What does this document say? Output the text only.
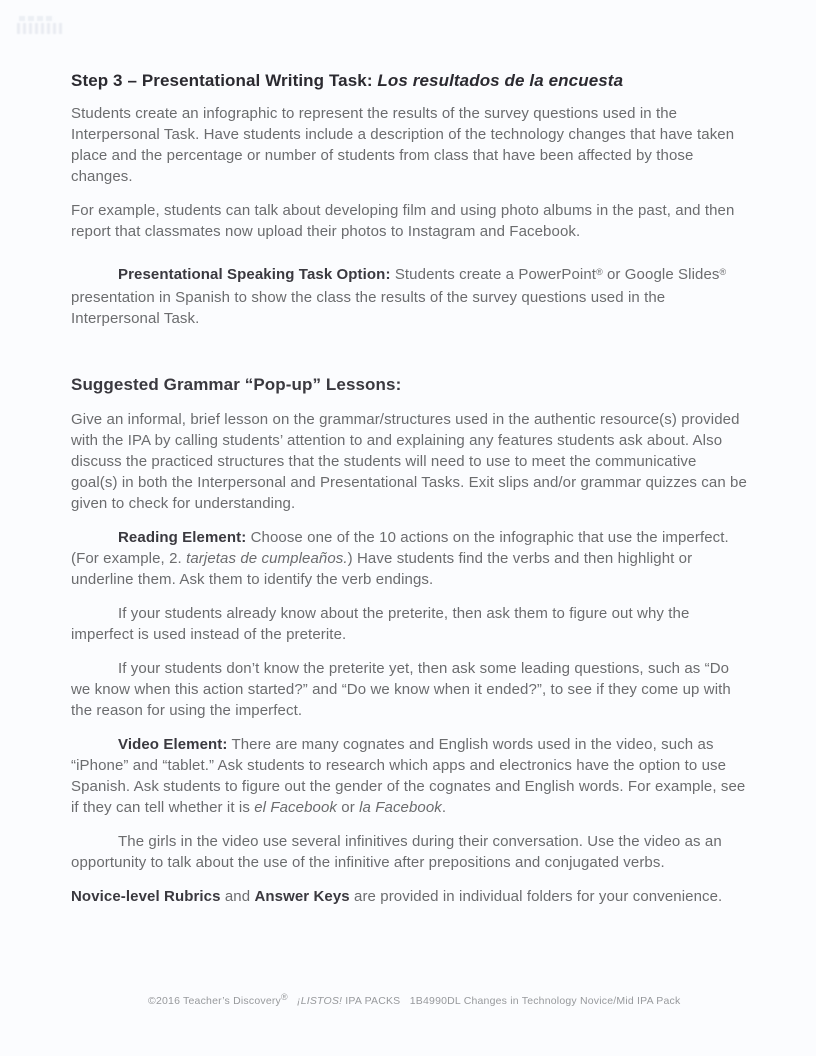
Step 3 – Presentational Writing Task: Los resultados de la encuesta

Students create an infographic to represent the results of the survey questions used in the Interpersonal Task. Have students include a description of the technology changes that have taken place and the percentage or number of students from class that have been affected by those changes.

For example, students can talk about developing film and using photo albums in the past, and then report that classmates now upload their photos to Instagram and Facebook.

Presentational Speaking Task Option: Students create a PowerPoint® or Google Slides® presentation in Spanish to show the class the results of the survey questions used in the Interpersonal Task.

Suggested Grammar “Pop-up” Lessons:

Give an informal, brief lesson on the grammar/structures used in the authentic resource(s) provided with the IPA by calling students’ attention to and explaining any features students ask about. Also discuss the practiced structures that the students will need to use to meet the communicative goal(s) in both the Interpersonal and Presentational Tasks. Exit slips and/or grammar quizzes can be given to check for understanding.

Reading Element: Choose one of the 10 actions on the infographic that use the imperfect. (For example, 2. tarjetas de cumpleaños.) Have students find the verbs and then highlight or underline them. Ask them to identify the verb endings.

If your students already know about the preterite, then ask them to figure out why the imperfect is used instead of the preterite.

If your students don’t know the preterite yet, then ask some leading questions, such as “Do we know when this action started?” and “Do we know when it ended?”, to see if they come up with the reason for using the imperfect.

Video Element: There are many cognates and English words used in the video, such as “iPhone” and “tablet.” Ask students to research which apps and electronics have the option to use Spanish. Ask students to figure out the gender of the cognates and English words. For example, see if they can tell whether it is el Facebook or la Facebook.

The girls in the video use several infinitives during their conversation. Use the video as an opportunity to talk about the use of the infinitive after prepositions and conjugated verbs.

Novice-level Rubrics and Answer Keys are provided in individual folders for your convenience.

©2016 Teacher’s Discovery® ¡LISTOS! IPA PACKS   1B4990DL Changes in Technology Novice/Mid IPA Pack
